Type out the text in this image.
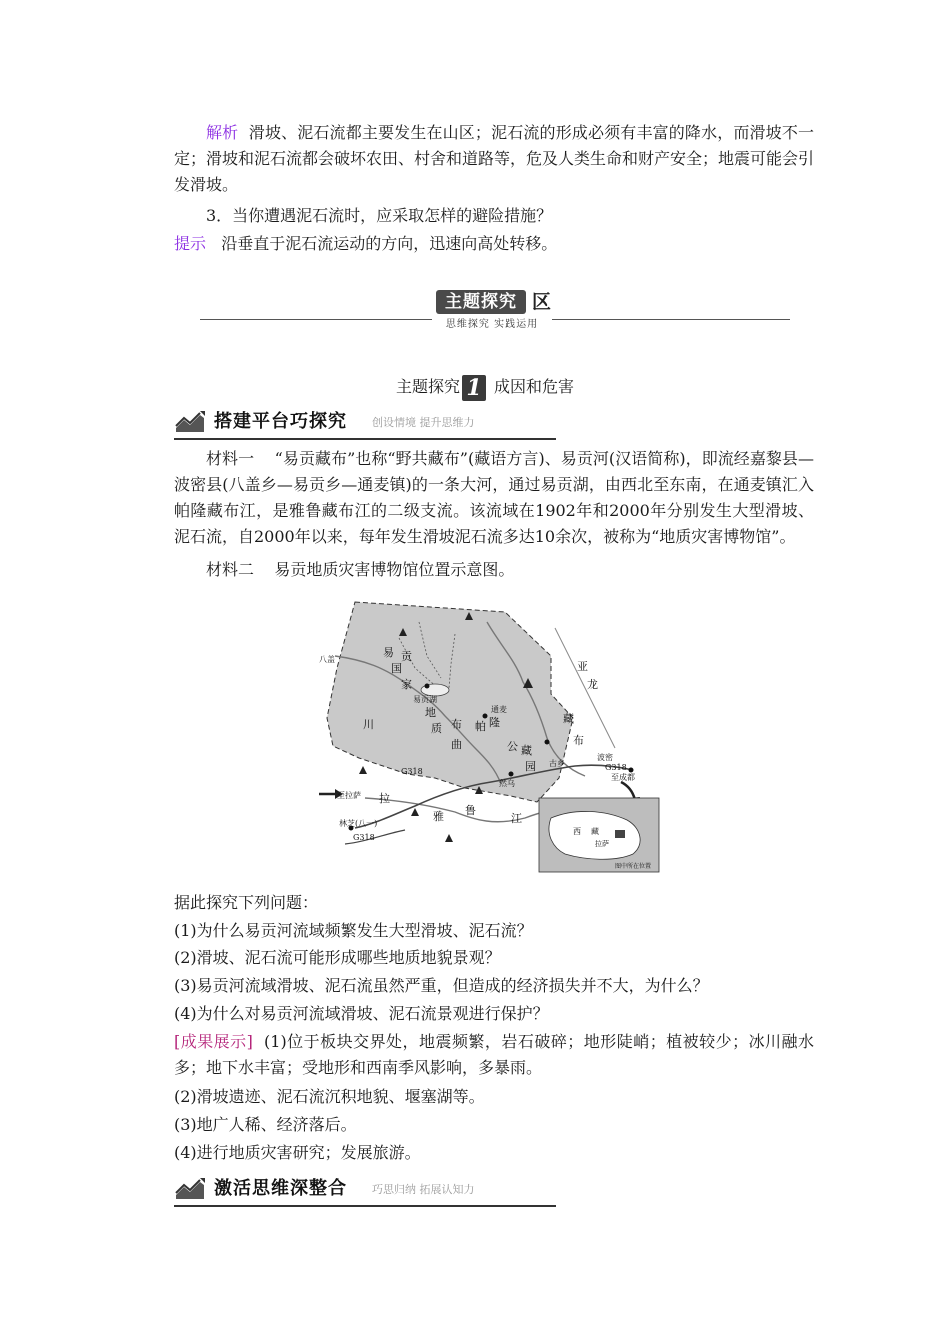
解析 滑坡、泥石流都主要发生在山区；泥石流的形成必须有丰富的降水，而滑坡不一定；滑坡和泥石流都会破坏农田、村舍和道路等，危及人类生命和财产安全；地震可能会引发滑坡。
3．当你遭遇泥石流时，应采取怎样的避险措施？
提示 沿垂直于泥石流运动的方向，迅速向高处转移。
主题探究 区
思维探究 实践运用
主题探究 1 成因和危害
搭建平台巧探究 创设情境 提升思维力
材料一 “易贡藏布”也称“野共藏布”(藏语方言)、易贡河(汉语简称)，即流经嘉黎县—波密县(八盖乡—易贡乡—通麦镇)的一条大河，通过易贡湖，由西北至东南，在通麦镇汇入帕隆藏布江，是雅鲁藏布江的二级支流。该流域在1902年和2000年分别发生大型滑坡、泥石流，自2000年以来，每年发生滑坡泥石流多达10余次，被称为“地质灾害博物馆”。
材料二 易贡地质灾害博物馆位置示意图。
易 贡
国
家
地
质 布
曲
帕 隆
公 藏
园
川
拉
雅 鲁
江
亚
龙
藏
布
八盖
易贡湖
通麦
古乡
波密
至拉萨
至成都
G318	G318
G318
林芝(八一)
然乌
西 藏
拉萨
图中所在位置
据此探究下列问题：
(1)为什么易贡河流域频繁发生大型滑坡、泥石流？
(2)滑坡、泥石流可能形成哪些地质地貌景观？
(3)易贡河流域滑坡、泥石流虽然严重，但造成的经济损失并不大，为什么？
(4)为什么对易贡河流域滑坡、泥石流景观进行保护？
[成果展示] (1)位于板块交界处，地震频繁，岩石破碎；地形陡峭；植被较少；冰川融水多；地下水丰富；受地形和西南季风影响，多暴雨。
(2)滑坡遗迹、泥石流沉积地貌、堰塞湖等。
(3)地广人稀、经济落后。
(4)进行地质灾害研究；发展旅游。
激活思维深整合 巧思归纳 拓展认知力
